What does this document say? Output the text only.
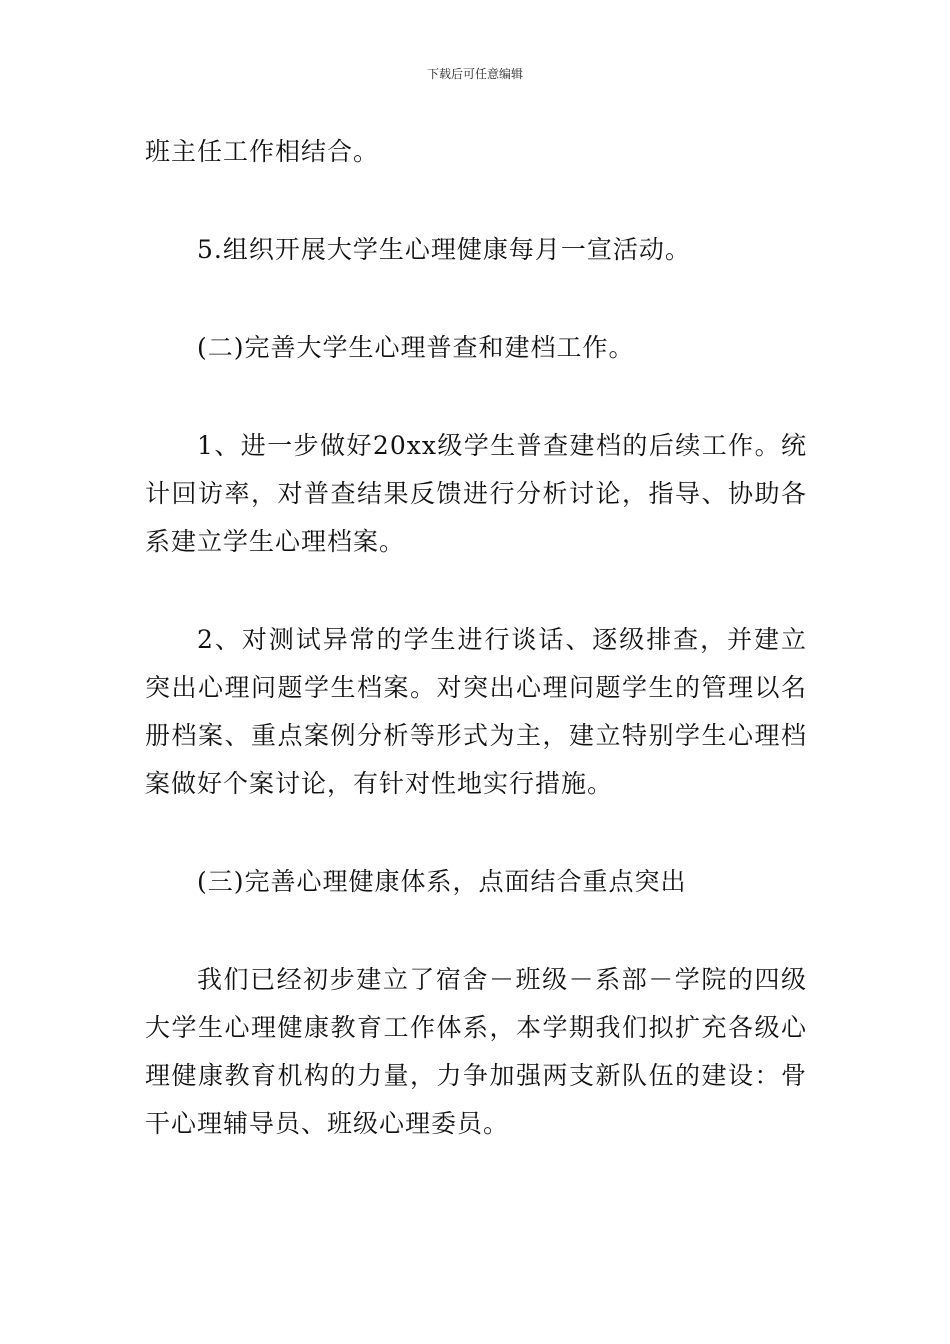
下载后可任意编辑

班主任工作相结合。

5.组织开展大学生心理健康每月一宣活动。

(二)完善大学生心理普查和建档工作。

1、进一步做好20xx级学生普查建档的后续工作。统计回访率，对普查结果反馈进行分析讨论，指导、协助各系建立学生心理档案。

2、对测试异常的学生进行谈话、逐级排查，并建立突出心理问题学生档案。对突出心理问题学生的管理以名册档案、重点案例分析等形式为主，建立特别学生心理档案做好个案讨论，有针对性地实行措施。

(三)完善心理健康体系，点面结合重点突出

我们已经初步建立了宿舍－班级－系部－学院的四级大学生心理健康教育工作体系，本学期我们拟扩充各级心理健康教育机构的力量，力争加强两支新队伍的建设：骨干心理辅导员、班级心理委员。
